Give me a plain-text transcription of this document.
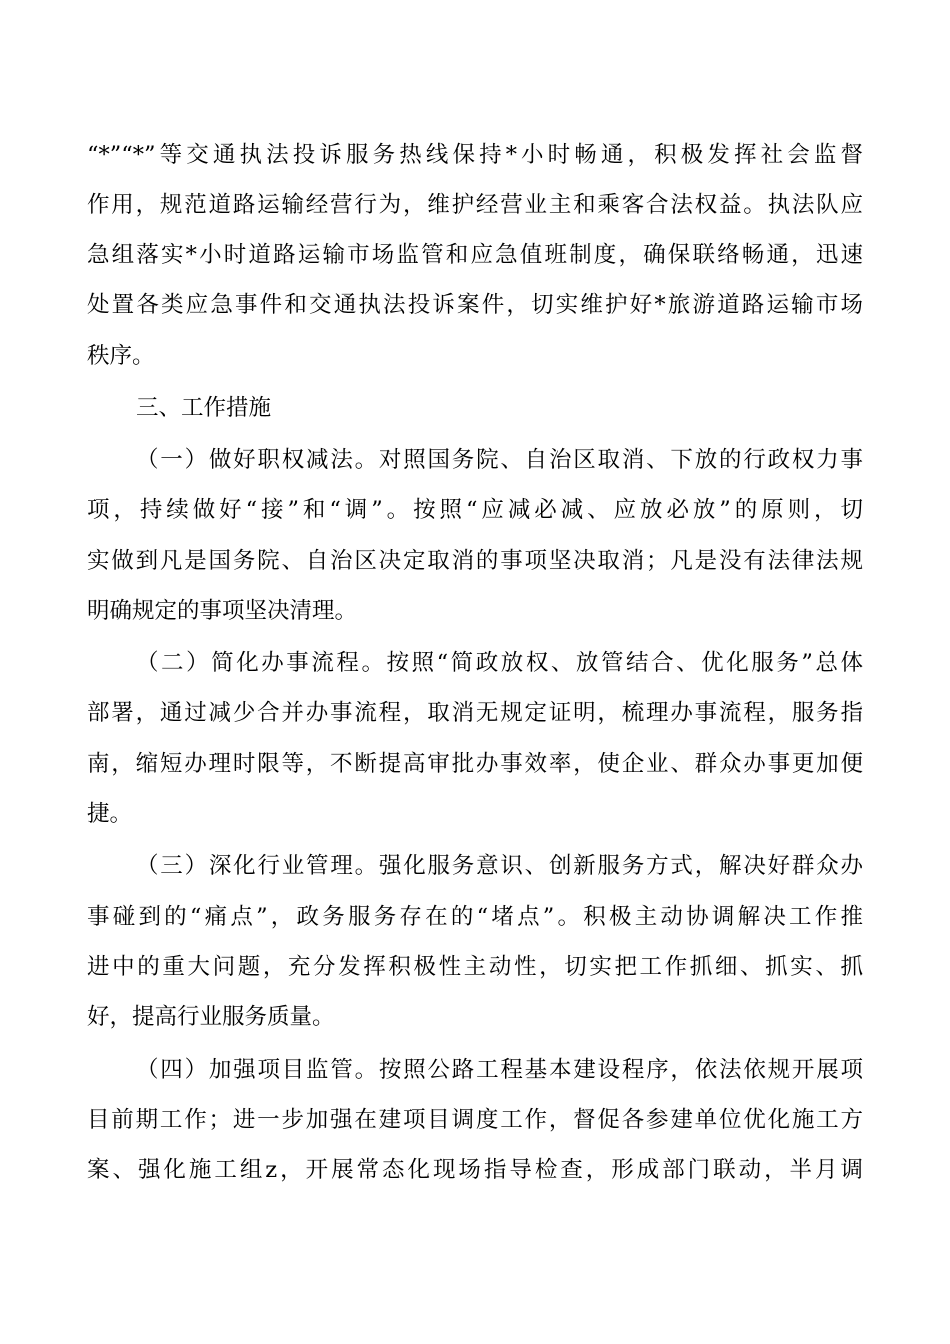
“*”“*”等交通执法投诉服务热线保持*小时畅通，积极发挥社会监督
作用，规范道路运输经营行为，维护经营业主和乘客合法权益。执法队应
急组落实*小时道路运输市场监管和应急值班制度，确保联络畅通，迅速
处置各类应急事件和交通执法投诉案件，切实维护好*旅游道路运输市场
秩序。
三、工作措施
（一）做好职权减法。对照国务院、自治区取消、下放的行政权力事
项，持续做好“接”和“调”。按照“应减必减、应放必放”的原则，切
实做到凡是国务院、自治区决定取消的事项坚决取消；凡是没有法律法规
明确规定的事项坚决清理。
（二）简化办事流程。按照“简政放权、放管结合、优化服务”总体
部署，通过减少合并办事流程，取消无规定证明，梳理办事流程，服务指
南，缩短办理时限等，不断提高审批办事效率，使企业、群众办事更加便
捷。
（三）深化行业管理。强化服务意识、创新服务方式，解决好群众办
事碰到的“痛点”，政务服务存在的“堵点”。积极主动协调解决工作推
进中的重大问题，充分发挥积极性主动性，切实把工作抓细、抓实、抓
好，提高行业服务质量。
（四）加强项目监管。按照公路工程基本建设程序，依法依规开展项
目前期工作；进一步加强在建项目调度工作，督促各参建单位优化施工方
案、强化施工组z，开展常态化现场指导检查，形成部门联动，半月调
